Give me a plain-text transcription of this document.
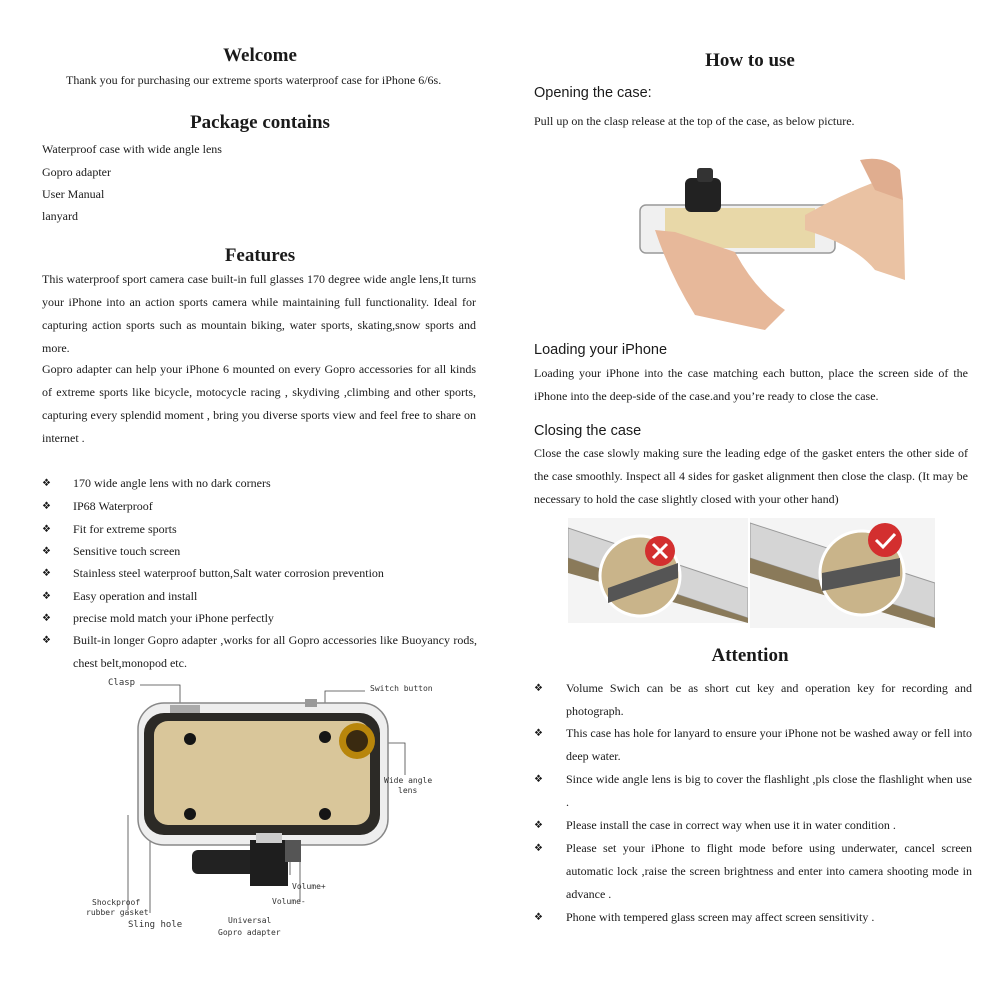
Welcome

Thank you for purchasing our extreme sports waterproof case for iPhone 6/6s.

Package contains

Waterproof case with wide angle lens

Gopro adapter

User Manual

lanyard

Features

This waterproof sport camera case built-in full glasses 170 degree wide angle lens,It turns your iPhone into an action sports camera while maintaining full functionality. Ideal for capturing action sports such as mountain biking, water sports, skating,snow sports and more.

Gopro adapter can help your iPhone 6 mounted on every Gopro accessories for all kinds of extreme sports like bicycle, motocycle racing , skydiving ,climbing and other sports, capturing every splendid moment , bring you diverse sports view and feel free to share on internet .

❖ 170 wide angle lens with no dark corners
❖ IP68 Waterproof
❖ Fit for extreme sports
❖ Sensitive touch screen
❖ Stainless steel waterproof button,Salt water corrosion prevention
❖ Easy operation and install
❖ precise mold match your iPhone perfectly
❖ Built-in longer Gopro adapter ,works for all Gopro accessories like Buoyancy rods, chest belt,monopod etc.
Clasp
Switch button
Wide angle
lens
Volume+
Volume-
Shockproof
rubber gasket
Sling hole	Universal
Gopro adapter
How to use

Opening the case:

Pull up on the clasp release at the top of the case, as below picture.

Loading your iPhone

Loading your iPhone into the case matching each button, place the screen side of the iPhone into the deep-side of the case.and you’re ready to close the case.

Closing the case

Close the case slowly making sure the leading edge of the gasket enters the other side of the case smoothly. Inspect all 4 sides for gasket alignment then close the clasp. (It may be necessary to hold the case slightly closed with your other hand)

Attention
❖ Volume Swich can be as short cut key and operation key for recording and photograph.
❖ This case has hole for lanyard to ensure your iPhone not be washed away or fell into deep water.
❖ Since wide angle lens is big to cover the flashlight ,pls close the flashlight when use .
❖ Please install the case in correct way when use it in water condition .
❖ Please set your iPhone to flight mode before using underwater, cancel screen automatic lock ,raise the screen brightness and enter into camera shooting mode in advance .
❖ Phone with tempered glass screen may affect screen sensitivity .
